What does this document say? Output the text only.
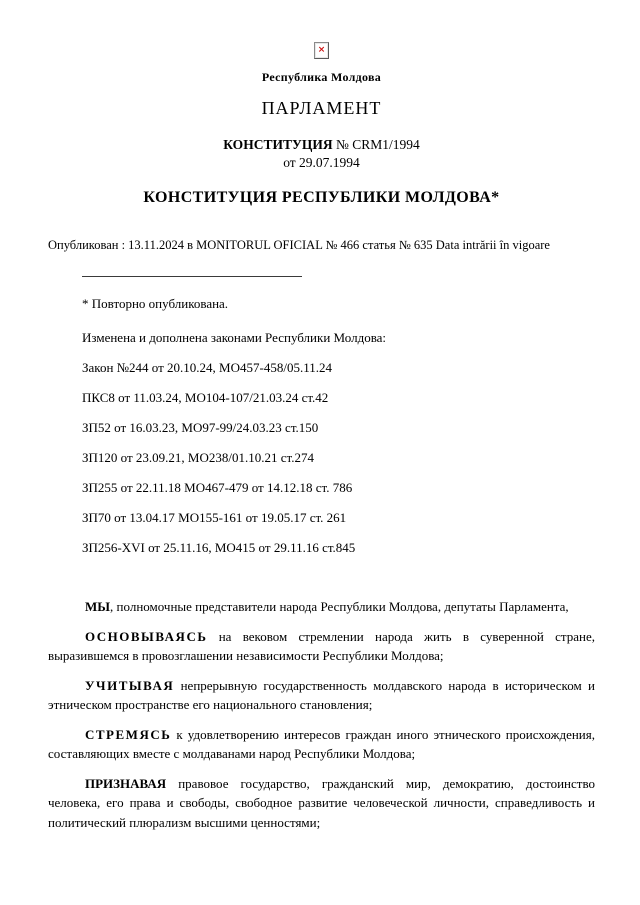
×
Республика Молдова
ПАРЛАМЕНТ
КОНСТИТУЦИЯ № CRM1/1994
от 29.07.1994
КОНСТИТУЦИЯ РЕСПУБЛИКИ МОЛДОВА*
Опубликован : 13.11.2024 в MONITORUL OFICIAL № 466 статья № 635 Data intrării în vigoare
* Повторно опубликована.
Изменена и дополнена законами Республики Молдова:
Закон №244 от 20.10.24, МО457-458/05.11.24
ПКС8 от 11.03.24, МО104-107/21.03.24 ст.42
ЗП52 от 16.03.23, МО97-99/24.03.23 ст.150
ЗП120 от 23.09.21, МО238/01.10.21 ст.274
ЗП255 от 22.11.18 МО467-479 от 14.12.18 ст. 786
ЗП70 от 13.04.17 МО155-161 от 19.05.17 ст. 261
ЗП256-XVI от 25.11.16, МО415 от 29.11.16 ст.845

МЫ, полномочные представители народа Республики Молдова, депутаты Парламента,

ОСНОВЫВАЯСЬ на вековом стремлении народа жить в суверенной стране, выразившемся в провозглашении независимости Республики Молдова;

УЧИТЫВАЯ непрерывную государственность молдавского народа в историческом и этническом пространстве его национального становления;

СТРЕМЯСЬ к удовлетворению интересов граждан иного этнического происхождения, составляющих вместе с молдаванами народ Республики Молдова;

ПРИЗНАВАЯ правовое государство, гражданский мир, демократию, достоинство человека, его права и свободы, свободное развитие человеческой личности, справедливость и политический плюрализм высшими ценностями;
